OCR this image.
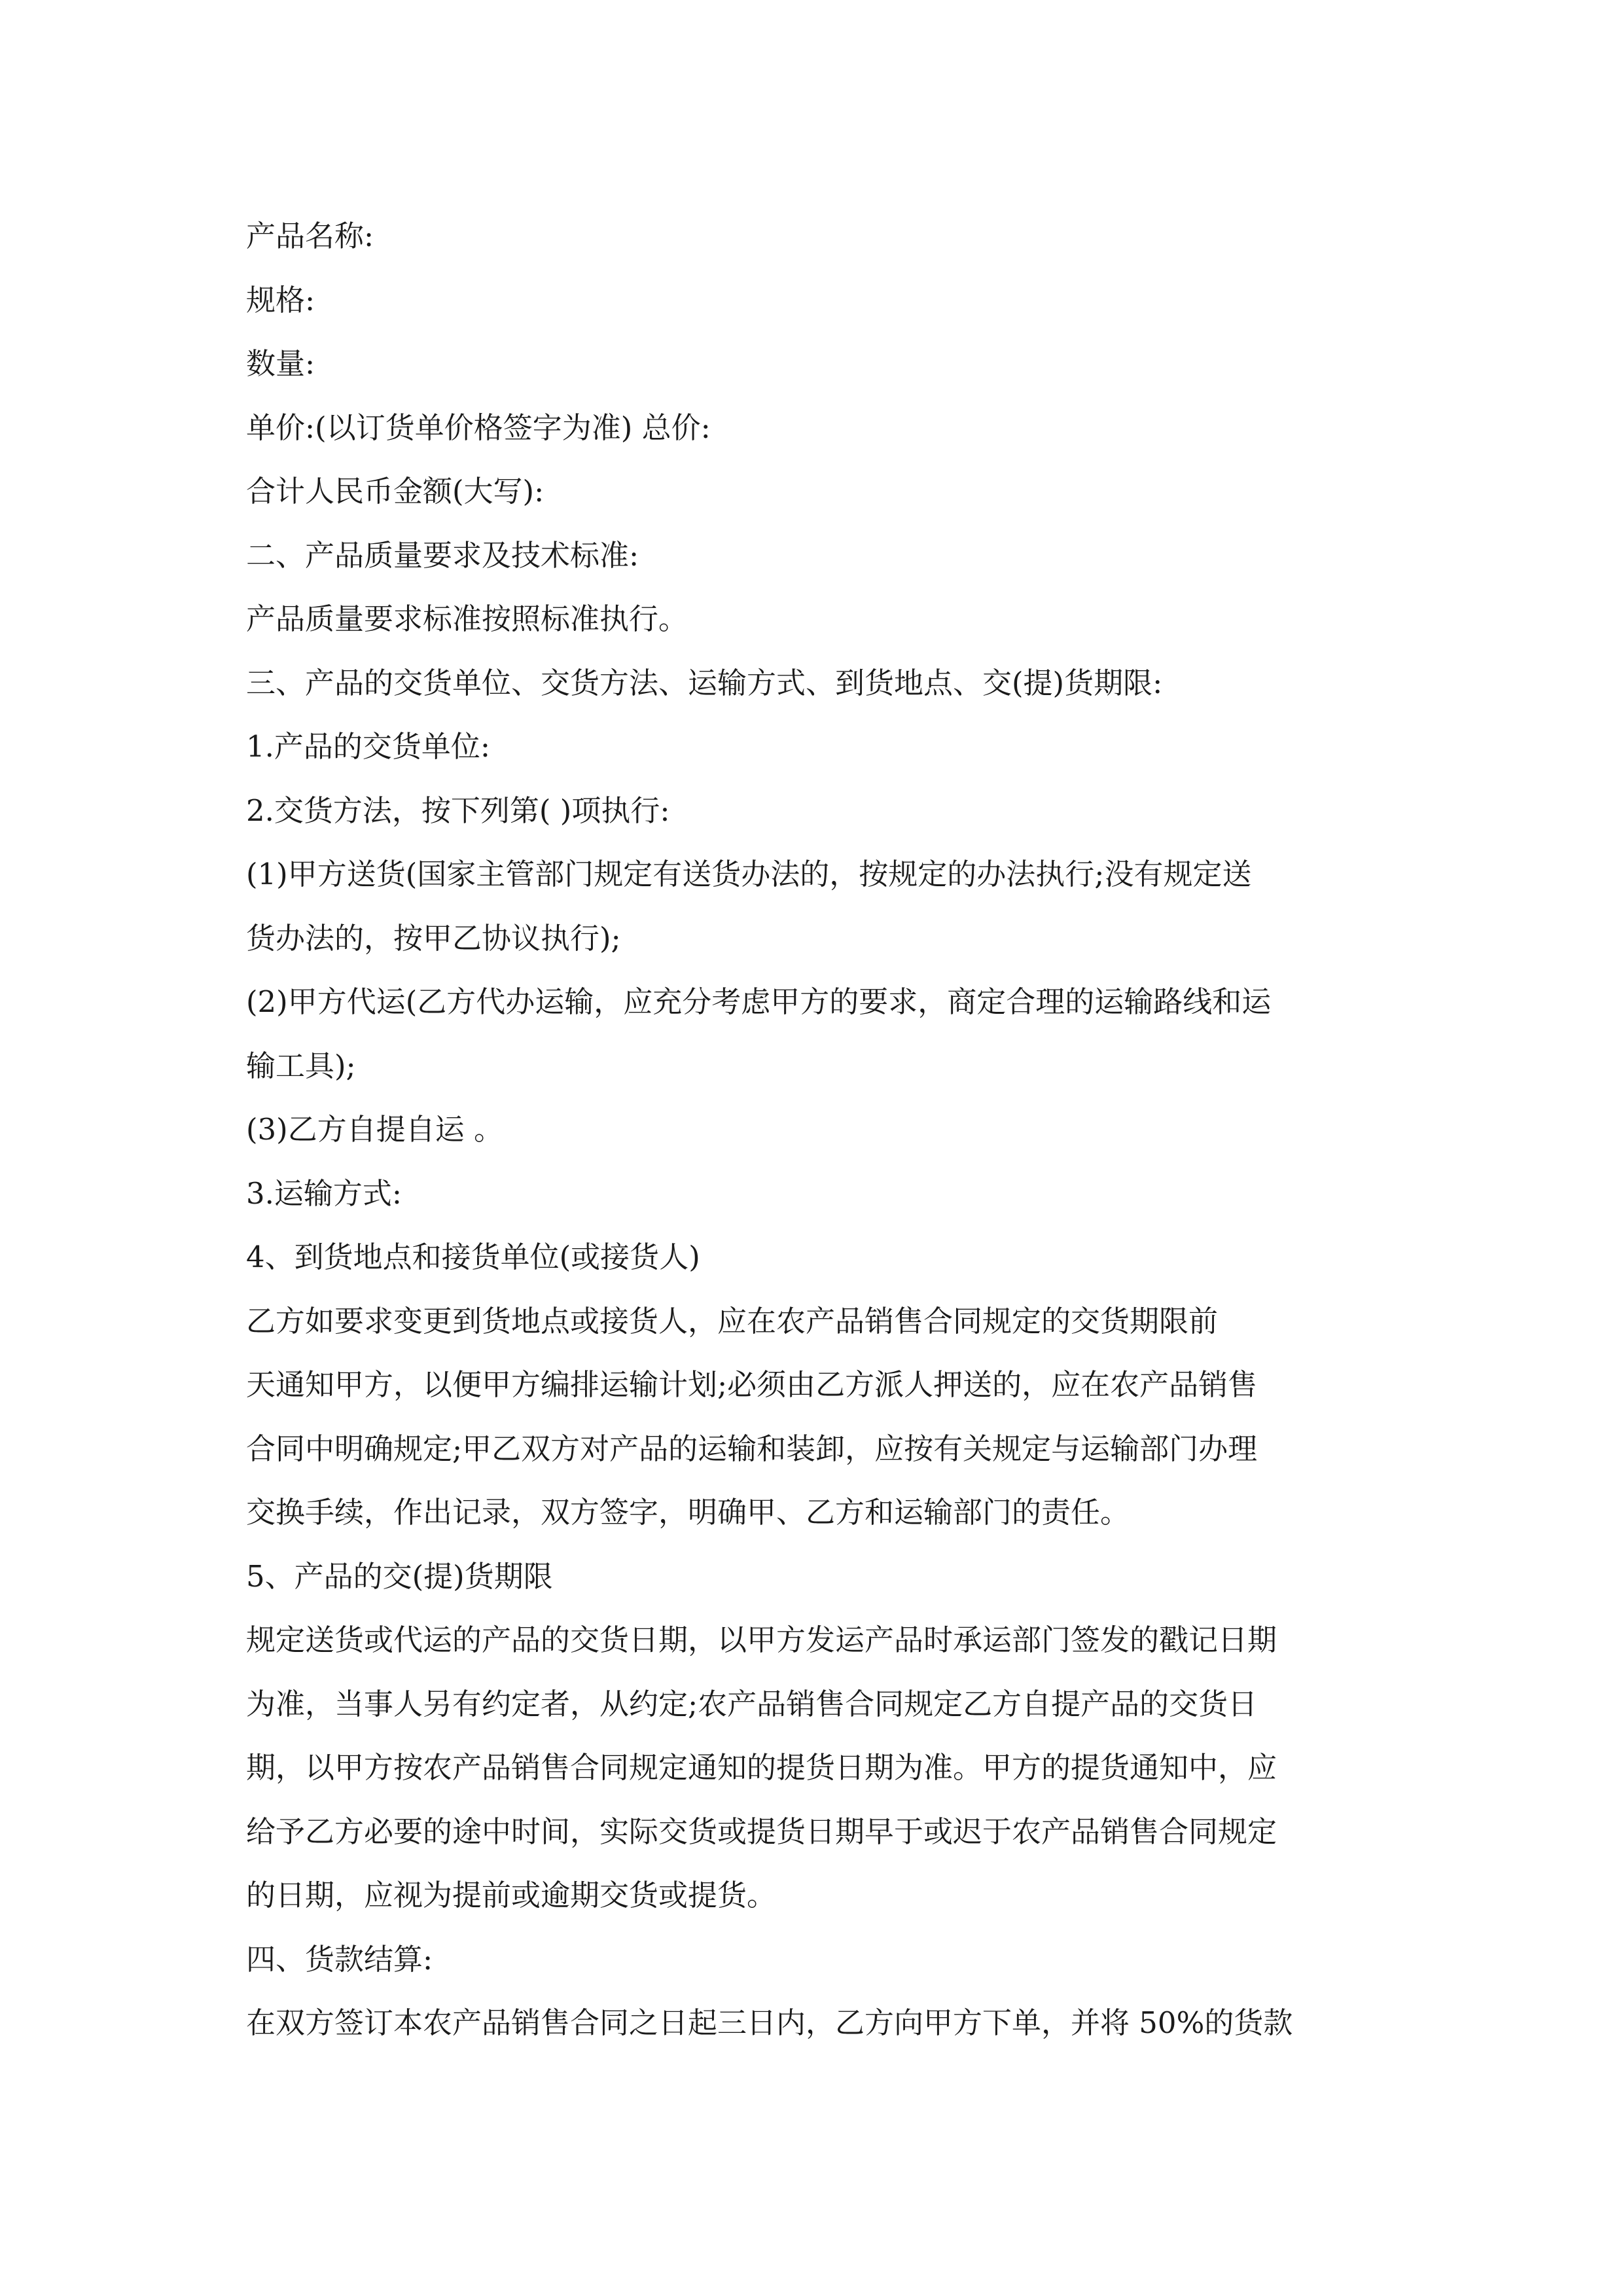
产品名称:
规格:
数量:
单价:(以订货单价格签字为准) 总价:
合计人民币金额(大写):
二、产品质量要求及技术标准:
产品质量要求标准按照标准执行。
三、产品的交货单位、交货方法、运输方式、到货地点、交(提)货期限:
1.产品的交货单位:
2.交货方法，按下列第( )项执行:
(1)甲方送货(国家主管部门规定有送货办法的，按规定的办法执行;没有规定送
货办法的，按甲乙协议执行);
(2)甲方代运(乙方代办运输，应充分考虑甲方的要求，商定合理的运输路线和运
输工具);
(3)乙方自提自运 。
3.运输方式:
4、到货地点和接货单位(或接货人)
乙方如要求变更到货地点或接货人，应在农产品销售合同规定的交货期限前
天通知甲方，以便甲方编排运输计划;必须由乙方派人押送的，应在农产品销售
合同中明确规定;甲乙双方对产品的运输和装卸，应按有关规定与运输部门办理
交换手续，作出记录，双方签字，明确甲、乙方和运输部门的责任。
5、产品的交(提)货期限
规定送货或代运的产品的交货日期，以甲方发运产品时承运部门签发的戳记日期
为准，当事人另有约定者，从约定;农产品销售合同规定乙方自提产品的交货日
期，以甲方按农产品销售合同规定通知的提货日期为准。甲方的提货通知中，应
给予乙方必要的途中时间，实际交货或提货日期早于或迟于农产品销售合同规定
的日期，应视为提前或逾期交货或提货。
四、货款结算:
在双方签订本农产品销售合同之日起三日内，乙方向甲方下单，并将 50%的货款
